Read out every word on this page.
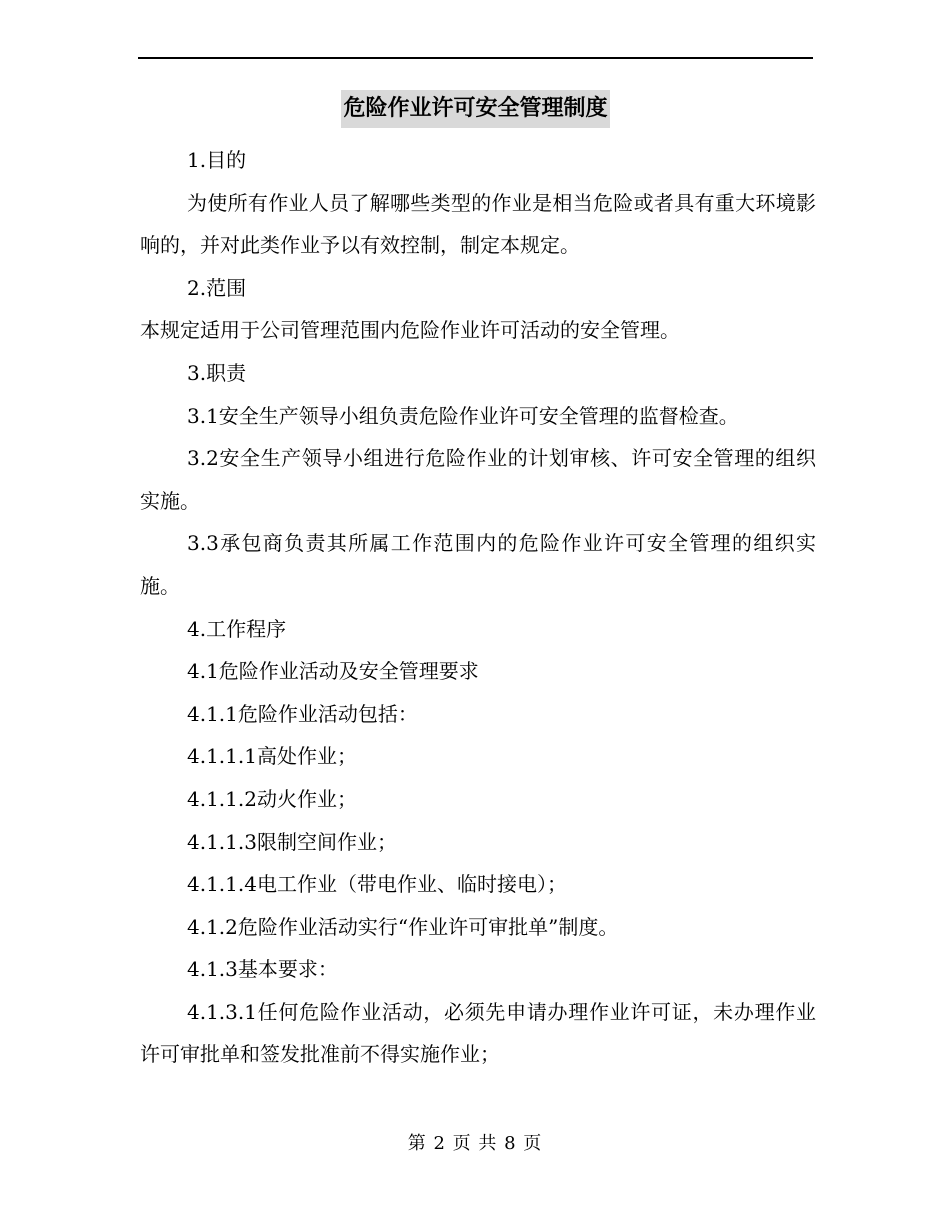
危险作业许可安全管理制度

1.目的

为使所有作业人员了解哪些类型的作业是相当危险或者具有重大环境影响的，并对此类作业予以有效控制，制定本规定。

2.范围

本规定适用于公司管理范围内危险作业许可活动的安全管理。

3.职责

3.1安全生产领导小组负责危险作业许可安全管理的监督检查。

3.2安全生产领导小组进行危险作业的计划审核、许可安全管理的组织实施。

3.3承包商负责其所属工作范围内的危险作业许可安全管理的组织实施。

4.工作程序

4.1危险作业活动及安全管理要求

4.1.1危险作业活动包括：

4.1.1.1高处作业；

4.1.1.2动火作业；

4.1.1.3限制空间作业；

4.1.1.4电工作业（带电作业、临时接电）；

4.1.2危险作业活动实行“作业许可审批单”制度。

4.1.3基本要求：

4.1.3.1任何危险作业活动，必须先申请办理作业许可证，未办理作业许可审批单和签发批准前不得实施作业；

第 2 页 共 8 页
